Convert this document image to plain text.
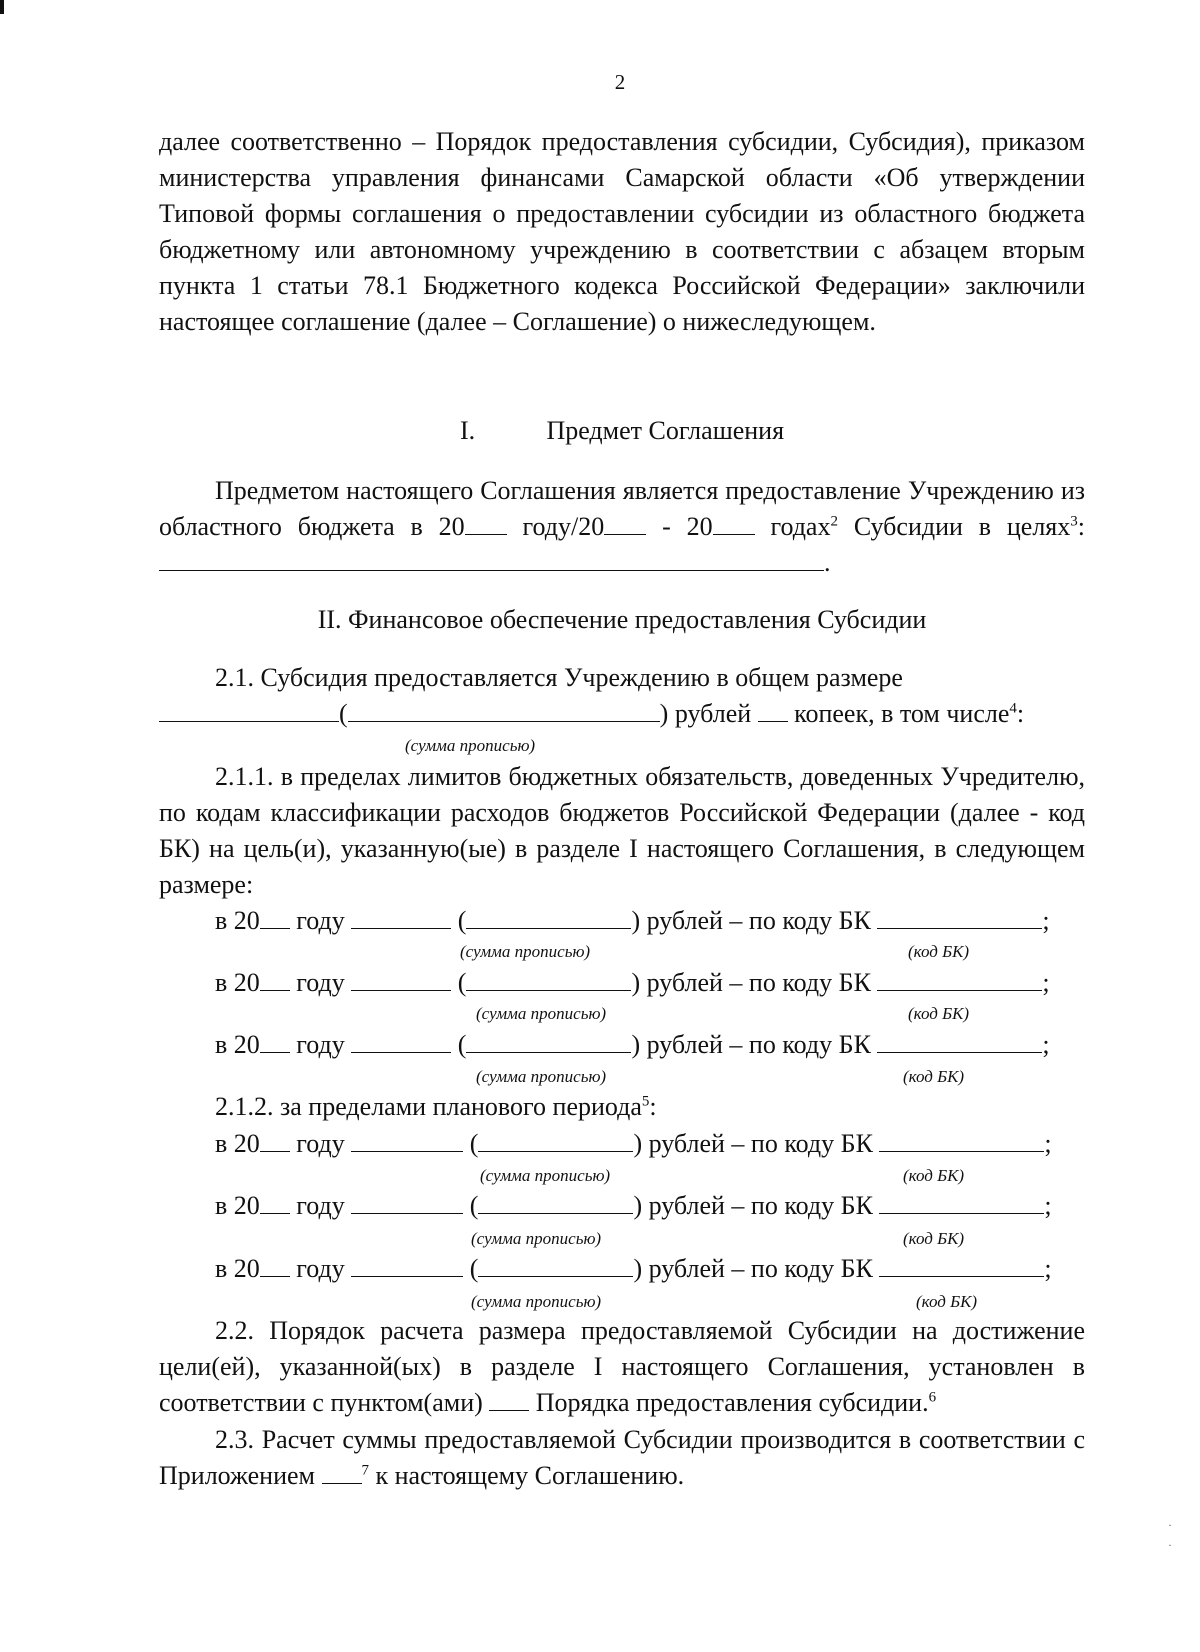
2
далее соответственно – Порядок предоставления субсидии, Субсидия), приказом министерства управления финансами Самарской области «Об утверждении Типовой формы соглашения о предоставлении субсидии из областного бюджета бюджетному или автономному учреждению в соответствии с абзацем вторым пункта 1 статьи 78.1 Бюджетного кодекса Российской Федерации» заключили настоящее соглашение (далее – Соглашение) о нижеследующем.
I.	Предмет Соглашения
Предметом настоящего Соглашения является предоставление Учреждению из областного бюджета в 20 году/20 - 20 годах$^2$ Субсидии в целях$^3$:.
II. Финансовое обеспечение предоставления Субсидии
2.1. Субсидия предоставляется Учреждению в общем размере
(	) рублей копеек, в том числе$^4$:
(сумма прописью)
2.1.1. в пределах лимитов бюджетных обязательств, доведенных Учредителю, по кодам классификации расходов бюджетов Российской Федерации (далее - код БК) на цель(и), указанную(ые) в разделе I настоящего Соглашения, в следующем размере:
в 20 году	(	) рублей – по коду БК	;
(сумма прописью)	(код БК)
в 20 году	(	) рублей – по коду БК	;
(сумма прописью)	(код БК)
в 20 году	(	) рублей – по коду БК	;
(сумма прописью)	(код БК)
2.1.2. за пределами планового периода$^5$:
в 20 году	(	) рублей – по коду БК	;
(сумма прописью)	(код БК)
в 20 году	(	) рублей – по коду БК	;
(сумма прописью)	(код БК)
в 20 году	(	) рублей – по коду БК	;
(сумма прописью)	(код БК)
2.2. Порядок расчета размера предоставляемой Субсидии на достижение цели(ей), указанной(ых) в разделе I настоящего Соглашения, установлен в соответствии с пунктом(ами) Порядка предоставления субсидии.$^6$
2.3. Расчет суммы предоставляемой Субсидии производится в соответствии с Приложением	$^7$ к настоящему Соглашению.
·

·
